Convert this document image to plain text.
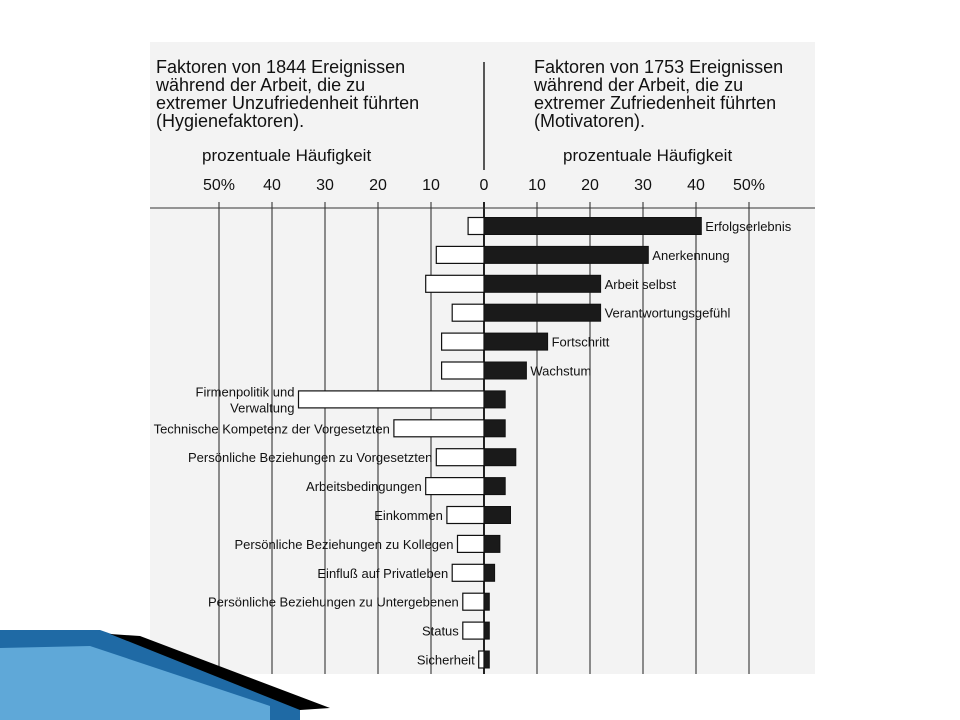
Faktoren von 1844 Ereignissen
während der Arbeit, die zu
extremer Unzufriedenheit führten
(Hygienefaktoren).
Faktoren von 1753 Ereignissen
während der Arbeit, die zu
extremer Zufriedenheit führten
(Motivatoren).
prozentuale Häufigkeit	prozentuale Häufigkeit
50% 40 30 20 10	10 20 30 40 50%
0
Erfolgserlebnis
Anerkennung
Arbeit selbst
Verantwortungsgefühl
Fortschritt
Wachstum
Firmenpolitik und Verwaltung
Technische Kompetenz der Vorgesetzten
Persönliche Beziehungen zu Vorgesetzten
Arbeitsbedingungen
Einkommen
Persönliche Beziehungen zu Kollegen
Einfluß auf Privatleben
Persönliche Beziehungen zu Untergebenen
Status
Sicherheit
